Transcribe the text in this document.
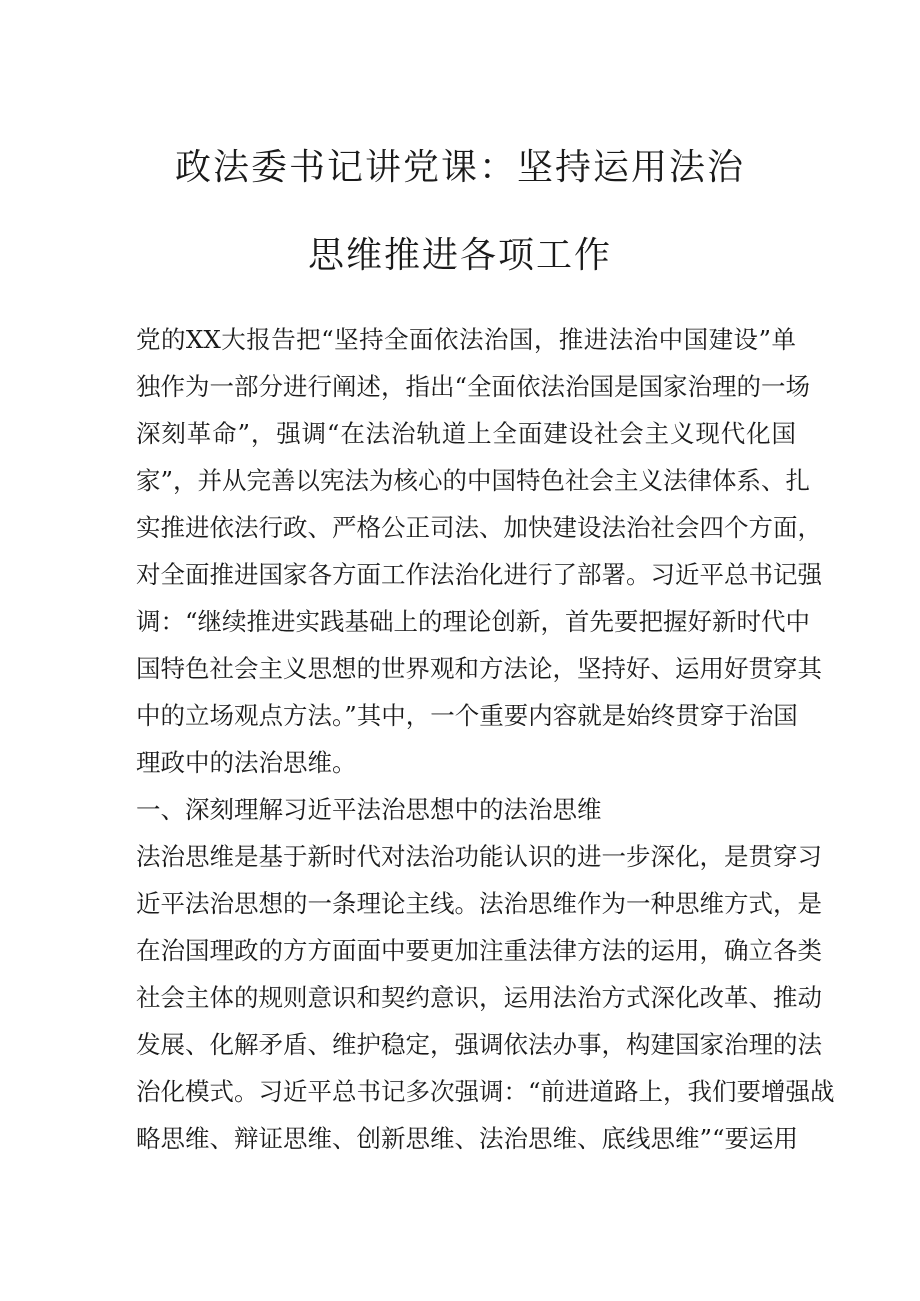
政法委书记讲党课：坚持运用法治
思维推进各项工作
党的XX大报告把“坚持全面依法治国，推进法治中国建设”单
独作为一部分进行阐述，指出“全面依法治国是国家治理的一场
深刻革命”，强调“在法治轨道上全面建设社会主义现代化国
家”，并从完善以宪法为核心的中国特色社会主义法律体系、扎
实推进依法行政、严格公正司法、加快建设法治社会四个方面，
对全面推进国家各方面工作法治化进行了部署。习近平总书记强
调：“继续推进实践基础上的理论创新，首先要把握好新时代中
国特色社会主义思想的世界观和方法论，坚持好、运用好贯穿其
中的立场观点方法。”其中，一个重要内容就是始终贯穿于治国
理政中的法治思维。
一、深刻理解习近平法治思想中的法治思维
法治思维是基于新时代对法治功能认识的进一步深化，是贯穿习
近平法治思想的一条理论主线。法治思维作为一种思维方式，是
在治国理政的方方面面中要更加注重法律方法的运用，确立各类
社会主体的规则意识和契约意识，运用法治方式深化改革、推动
发展、化解矛盾、维护稳定，强调依法办事，构建国家治理的法
治化模式。习近平总书记多次强调：“前进道路上，我们要增强战
略思维、辩证思维、创新思维、法治思维、底线思维”“要运用
